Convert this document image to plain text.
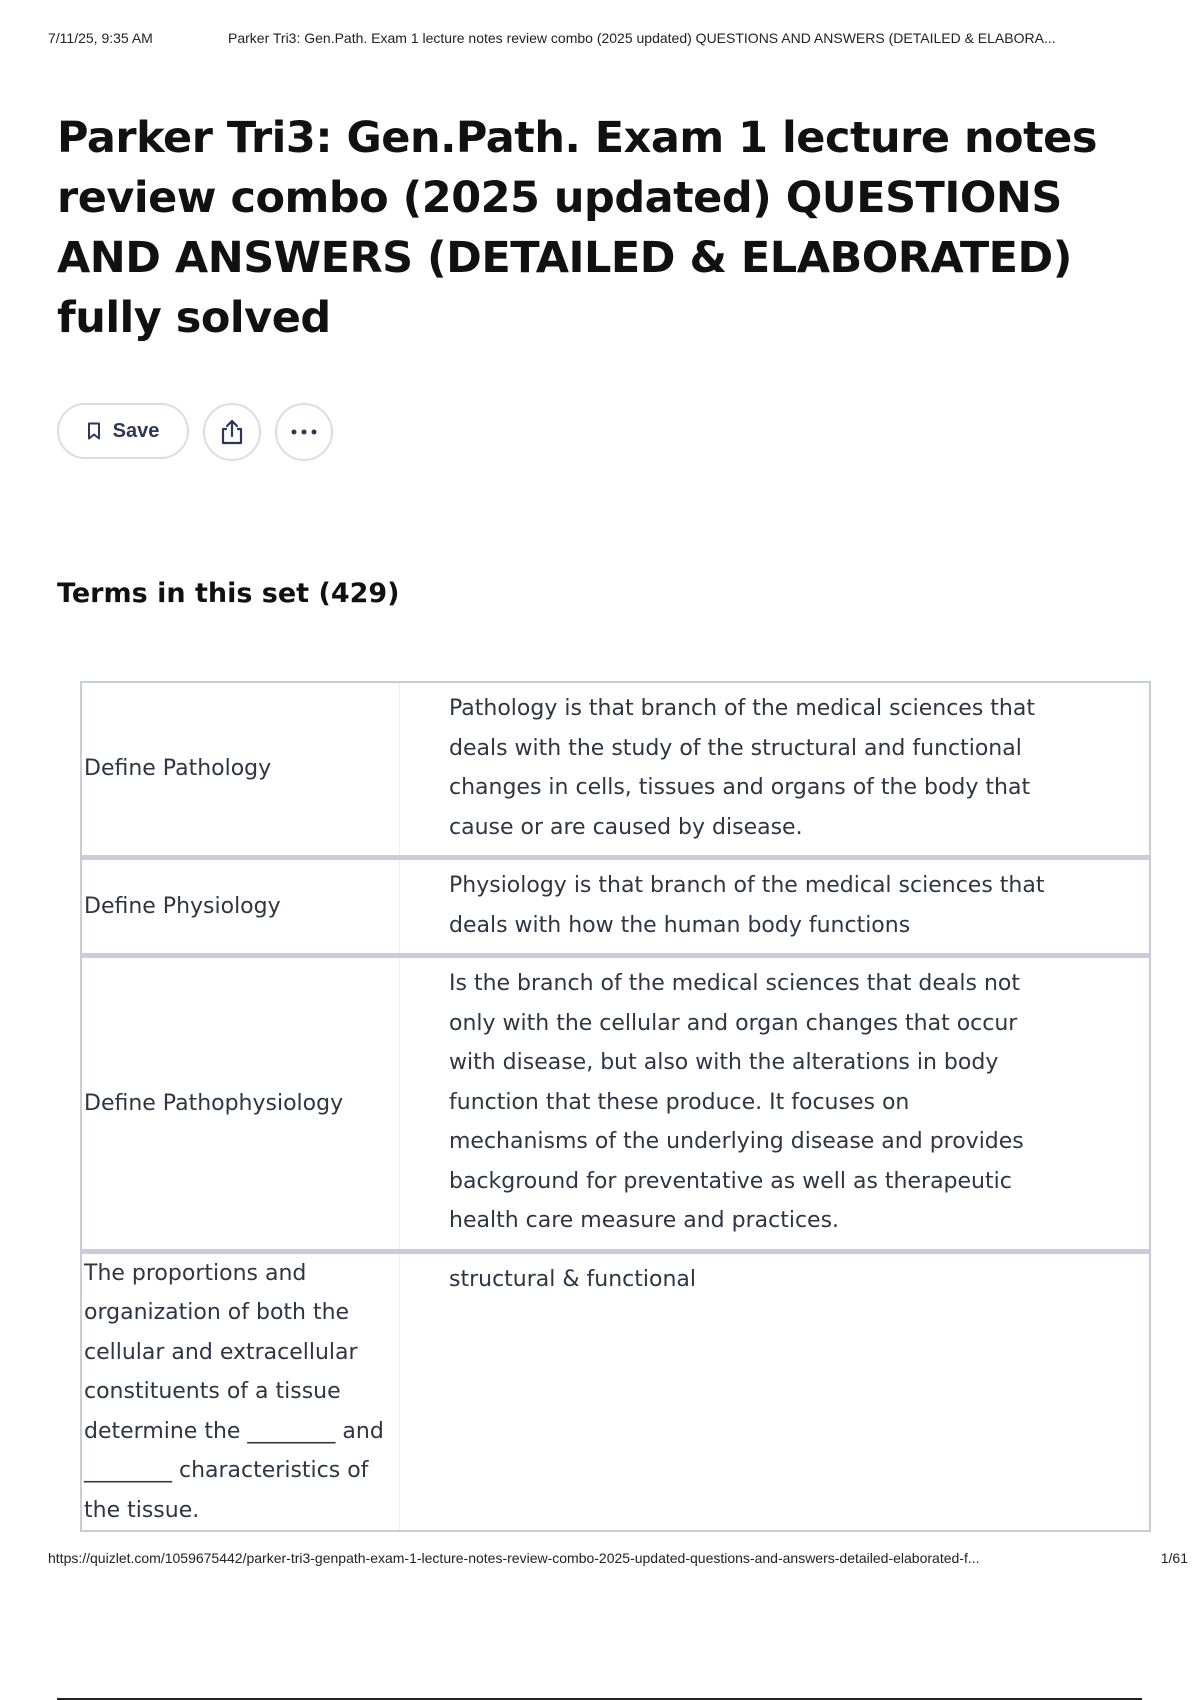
7/11/25, 9:35 AM	Parker Tri3: Gen.Path. Exam 1 lecture notes review combo (2025 updated) QUESTIONS AND ANSWERS (DETAILED & ELABORA...
Parker Tri3: Gen.Path. Exam 1 lecture notes review combo (2025 updated) QUESTIONS AND ANSWERS (DETAILED & ELABORATED) fully solved
Save
Terms in this set (429)
Define Pathology
Pathology is that branch of the medical sciences that deals with the study of the structural and functional changes in cells, tissues and organs of the body that cause or are caused by disease.
Define Physiology
Physiology is that branch of the medical sciences that deals with how the human body functions
Define Pathophysiology
Is the branch of the medical sciences that deals not only with the cellular and organ changes that occur with disease, but also with the alterations in body function that these produce. It focuses on mechanisms of the underlying disease and provides background for preventative as well as therapeutic health care measure and practices.
The proportions and organization of both the cellular and extracellular constituents of a tissue determine the ________ and ________ characteristics of the tissue.
structural & functional
https://quizlet.com/1059675442/parker-tri3-genpath-exam-1-lecture-notes-review-combo-2025-updated-questions-and-answers-detailed-elaborated-f...	1/61
